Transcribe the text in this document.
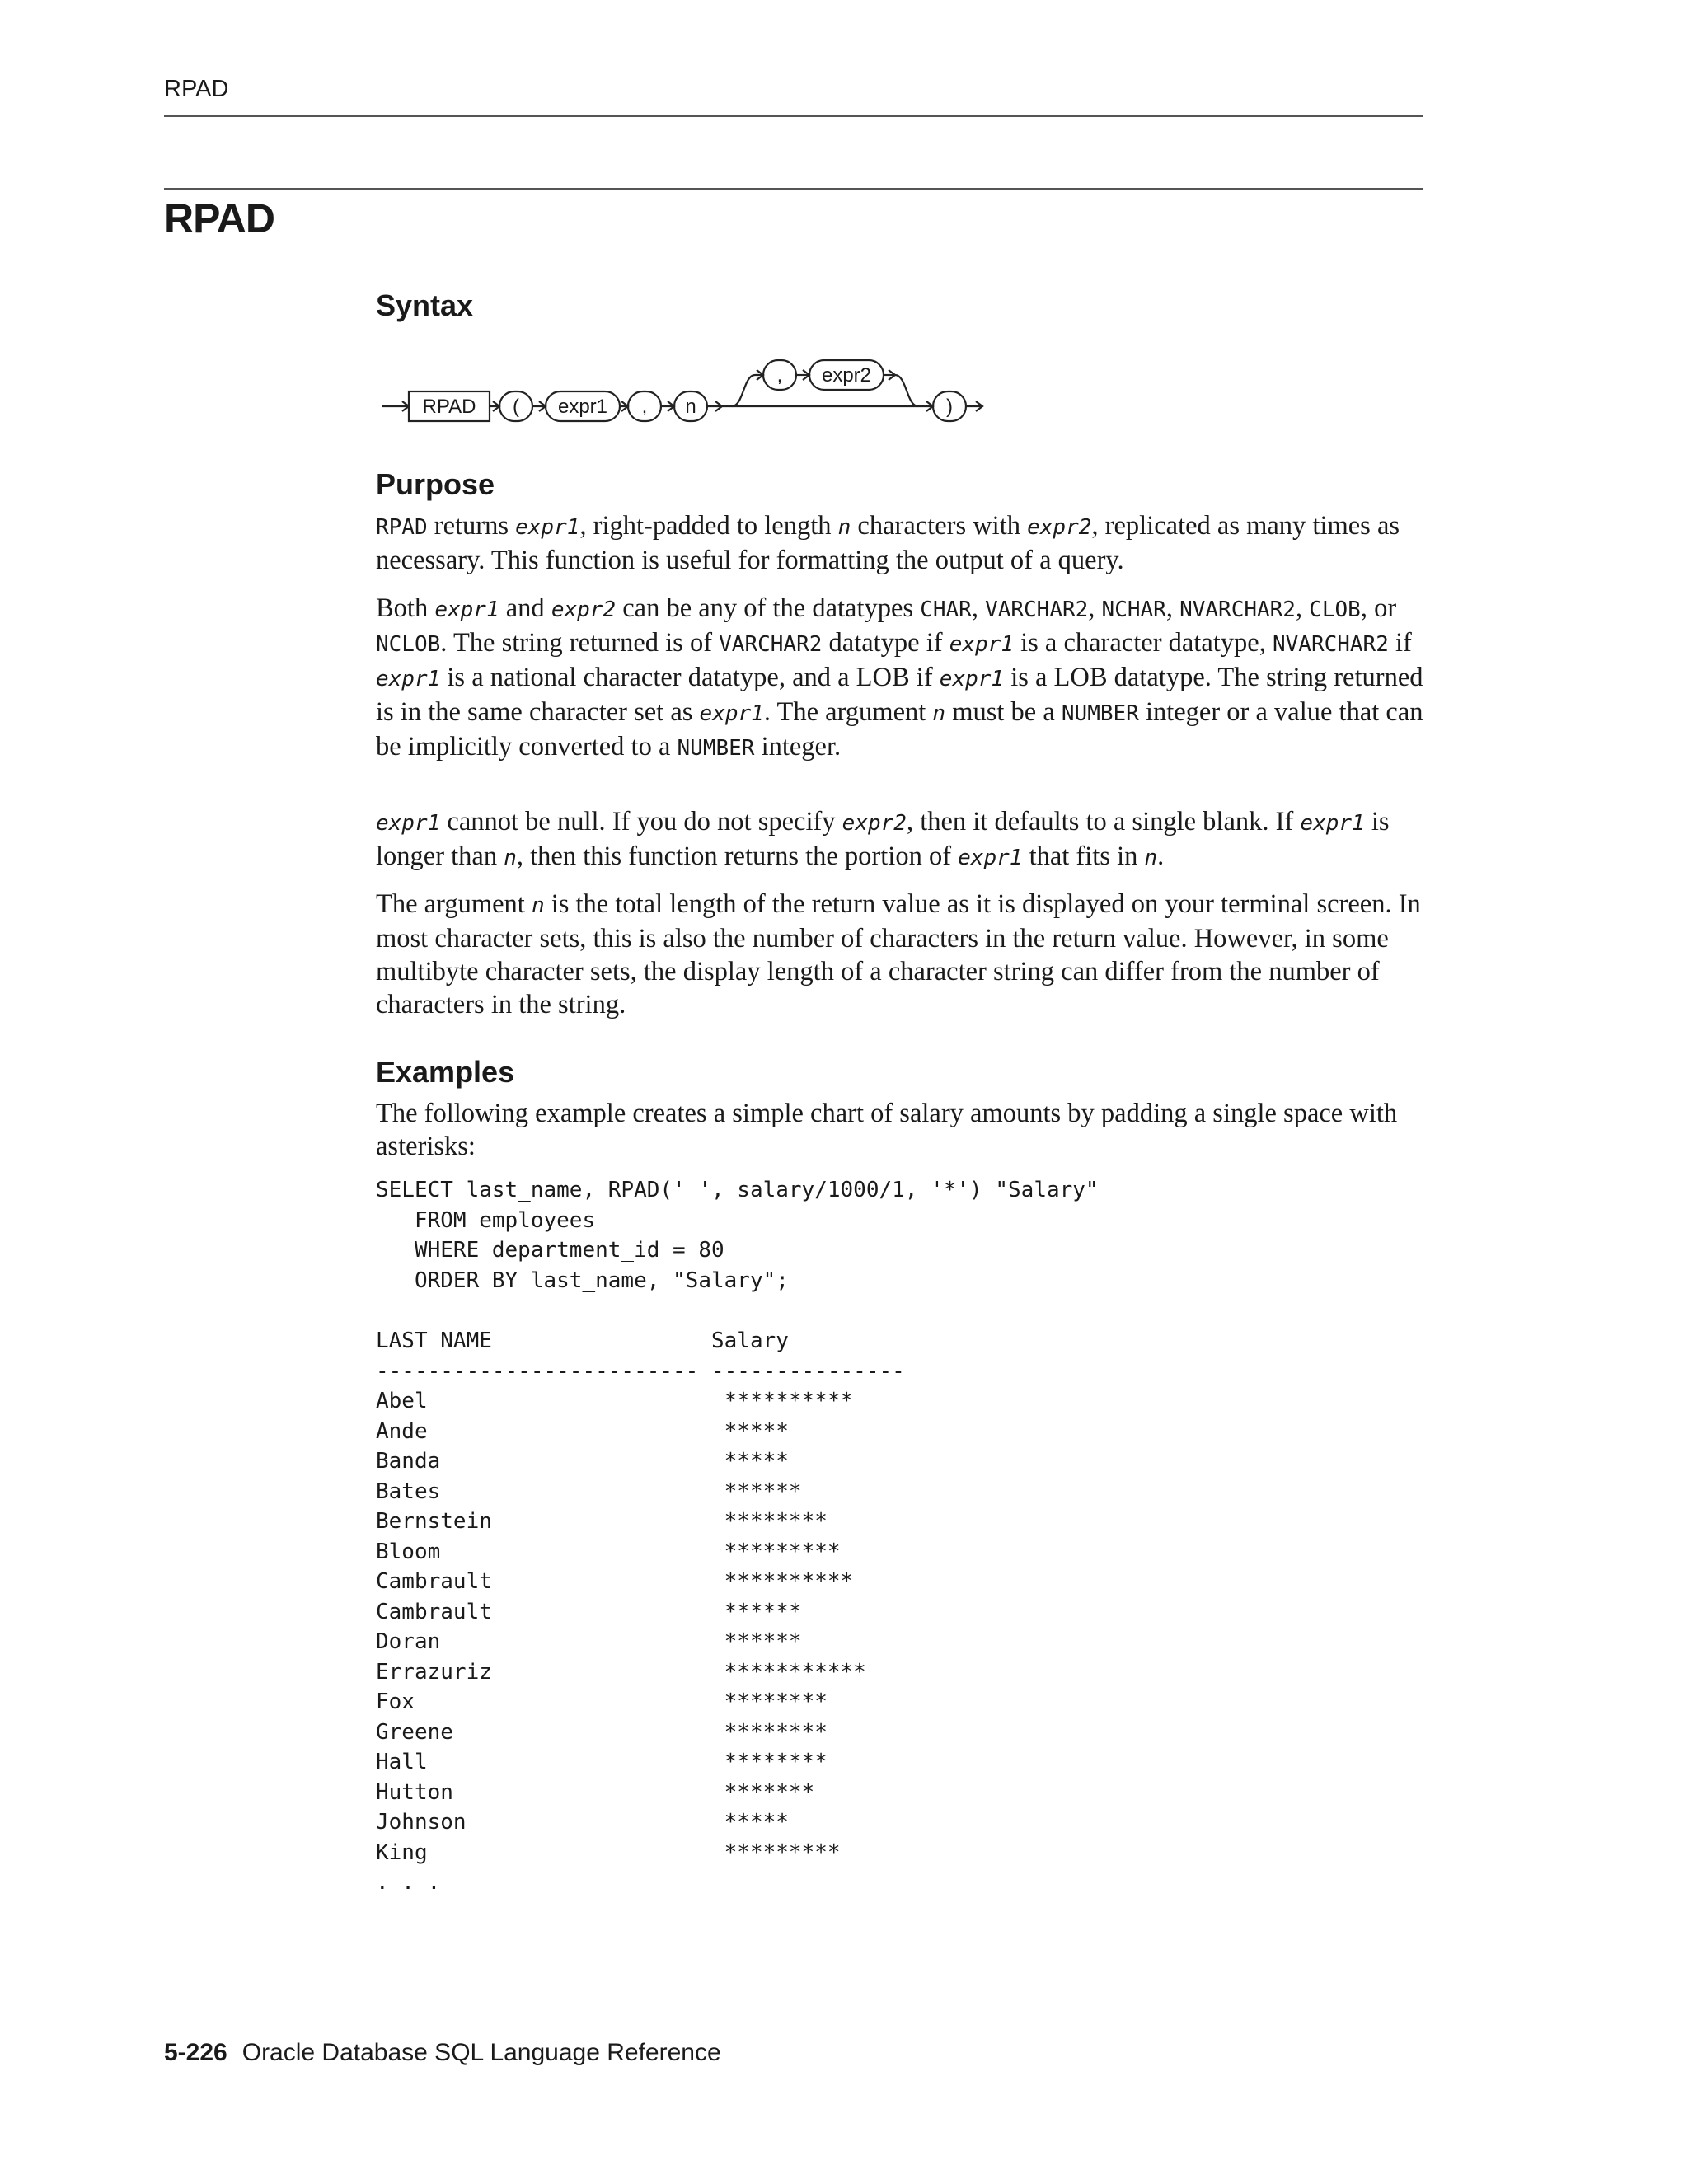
RPAD
RPAD
Syntax
RPAD ( expr1 , n
, expr2
)
Purpose

RPAD returns expr1, right-padded to length n characters with expr2, replicated as many times as necessary. This function is useful for formatting the output of a query.

Both expr1 and expr2 can be any of the datatypes CHAR, VARCHAR2, NCHAR, NVARCHAR2, CLOB, or NCLOB. The string returned is of VARCHAR2 datatype if expr1 is a character datatype, NVARCHAR2 if expr1 is a national character datatype, and a LOB if expr1 is a LOB datatype. The string returned is in the same character set as expr1. The argument n must be a NUMBER integer or a value that can be implicitly converted to a NUMBER integer.

expr1 cannot be null. If you do not specify expr2, then it defaults to a single blank. If expr1 is longer than n, then this function returns the portion of expr1 that fits in n.

The argument n is the total length of the return value as it is displayed on your terminal screen. In most character sets, this is also the number of characters in the return value. However, in some multibyte character sets, the display length of a character string can differ from the number of characters in the string.

Examples

The following example creates a simple chart of salary amounts by padding a single space with asterisks:

SELECT last_name, RPAD(' ', salary/1000/1, '*') "Salary"
FROM employees
WHERE department_id = 80
ORDER BY last_name, "Salary";
LAST_NAME                 Salary
------------------------- ---------------
Abel                       **********
Ande                       *****
Banda                      *****
Bates                      ******
Bernstein                  ********
Bloom                      *********
Cambrault                  **********
Cambrault                  ******
Doran                      ******
Errazuriz                  ***********
Fox                        ********
Greene                     ********
Hall                       ********
Hutton                     *******
Johnson                    *****
King                       *********
. . .
5-226 Oracle Database SQL Language Reference
